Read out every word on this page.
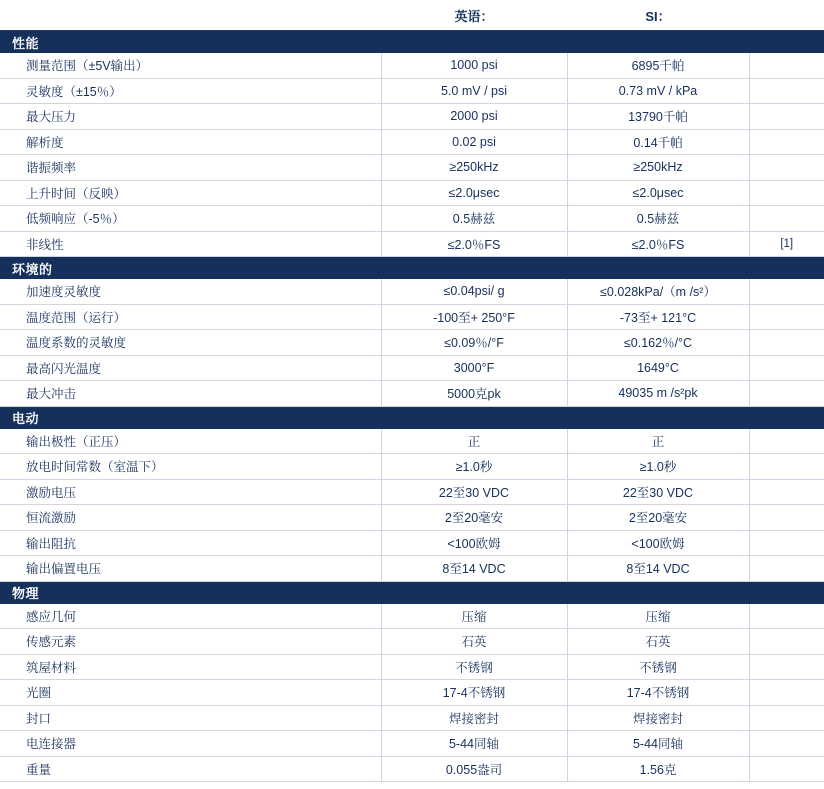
	英语：	SI：	
性能			
测量范围（±5V输出）	1000 psi	6895千帕	
灵敏度（±15％）	5.0 mV / psi	0.73 mV / kPa	
最大压力	2000 psi	13790千帕	
解析度	0.02 psi	0.14千帕	
谐振频率	≥250kHz	≥250kHz	
上升时间（反映）	≤2.0μsec	≤2.0μsec	
低频响应（-5％）	0.5赫兹	0.5赫兹	
非线性	≤2.0％FS	≤2.0％FS	[1]
环境的			
加速度灵敏度	≤0.04psi/ g	≤0.028kPa/（m /s²）	
温度范围（运行）	-100至+ 250°F	-73至+ 121°C	
温度系数的灵敏度	≤0.09％/°F	≤0.162％/°C	
最高闪光温度	3000°F	1649°C	
最大冲击	5000克pk	49035 m /s²pk	
电动			
输出极性（正压）	正	正	
放电时间常数（室温下）	≥1.0秒	≥1.0秒	
激励电压	22至30 VDC	22至30 VDC	
恒流激励	2至20毫安	2至20毫安	
输出阻抗	<100欧姆	<100欧姆	
输出偏置电压	8至14 VDC	8至14 VDC	
物理			
感应几何	压缩	压缩	
传感元素	石英	石英	
筑屋材料	不锈钢	不锈钢	
光圈	17-4不锈钢	17-4不锈钢	
封口	焊接密封	焊接密封	
电连接器	5-44同轴	5-44同轴	
重量	0.055盎司	1.56克	
